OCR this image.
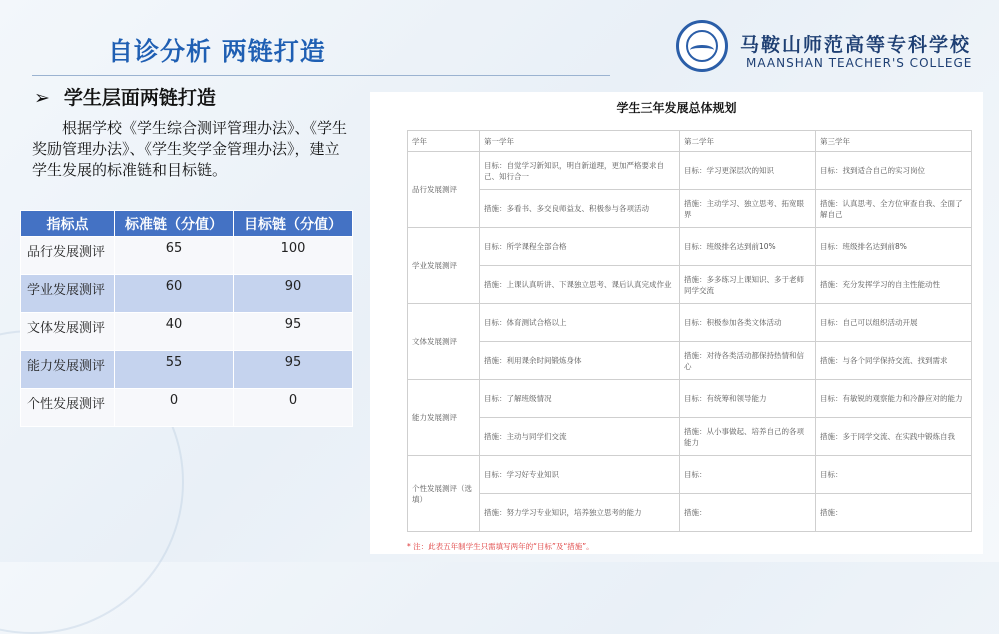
自诊分析 两链打造	马鞍山师范高等专科学校
MAANSHAN TEACHER'S COLLEGE
➢ 学生层面两链打造
根据学校《学生综合测评管理办法》、《学生奖励管理办法》、《学生奖学金管理办法》，建立学生发展的标准链和目标链。
指标点	标准链（分值）	目标链（分值）
品行发展测评	65	100
学业发展测评	60	90
文体发展测评	40	95
能力发展测评	55	95
个性发展测评	0	0
学生三年发展总体规划
学年	第一学年	第二学年	第三学年
品行发展测评	目标：自觉学习新知识，明自新道理，更加严格要求自己、知行合一	目标：学习更深层次的知识	目标：找到适合自己的实习岗位
	措施：多看书、多交良师益友、积极参与各项活动	措施：主动学习、独立思考、拓宽眼界	措施：认真思考、全方位审查自我、全面了解自己
学业发展测评	目标：所学课程全部合格	目标：班级排名达到前10%	目标：班级排名达到前8%
	措施：上课认真听讲、下课独立思考、课后认真完成作业	措施：多多练习上课知识、多于老师同学交流	措施：充分发挥学习的自主性能动性
文体发展测评	目标：体育测试合格以上	目标：积极参加各类文体活动	目标：自己可以组织活动开展
	措施：利用课余时间锻炼身体	措施：对待各类活动都保持热情和信心	措施：与各个同学保持交流、找到需求
能力发展测评	目标：了解班级情况	目标：有统筹和领导能力	目标：有敏锐的观察能力和冷静应对的能力
	措施：主动与同学们交流	措施：从小事做起、培养自己的各项能力	措施：多于同学交流、在实践中锻炼自我
个性发展测评（选填）	目标：学习好专业知识	目标：	目标：
	措施：努力学习专业知识，培养独立思考的能力	措施：	措施：
* 注：此表五年制学生只需填写两年的“目标”及“措施”。
